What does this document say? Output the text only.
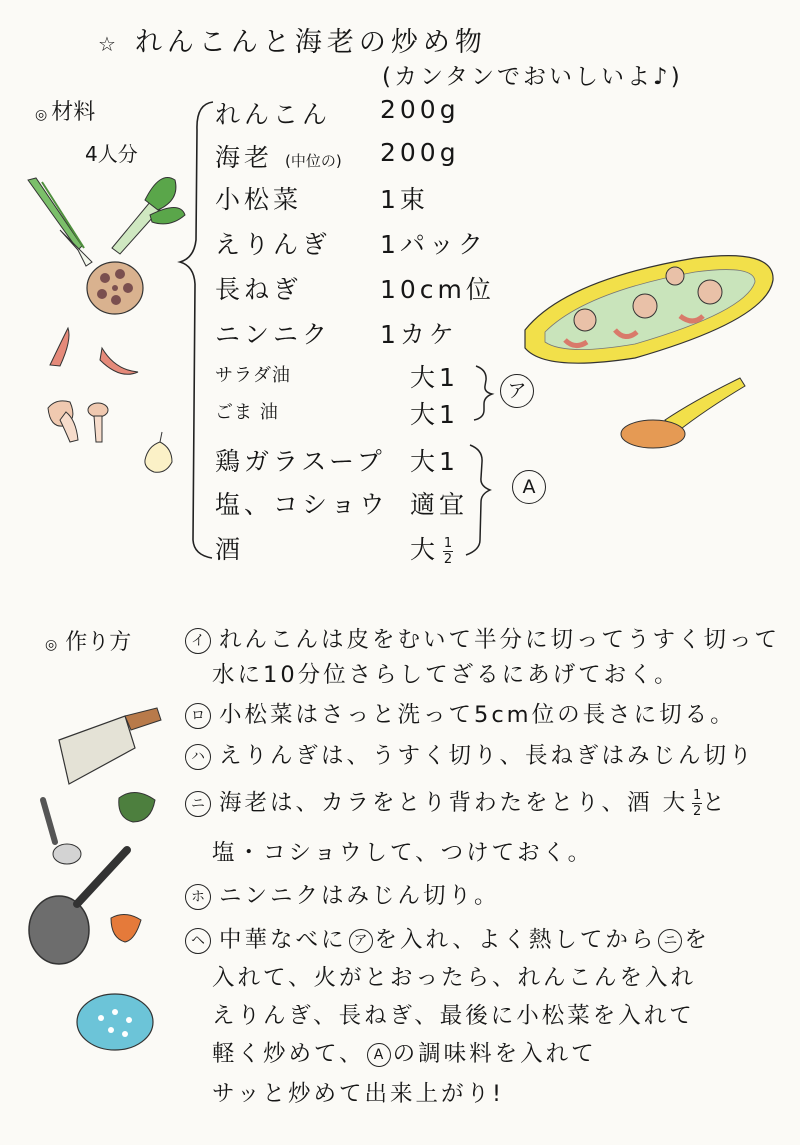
☆ れんこんと海老の炒め物
(カンタンでおいしいよ♪)
◎ 材料
4人分
れんこん 200g
海老 (中位の) 200g
小松菜	1束
えりんぎ 1パック
長ねぎ	10cm位
ニンニク 1カケ
サラダ油	大1
ごま 油	大1
鶏ガラスープ 大1
塩、コショウ 適宜
酒	大 $\frac{1}{2}$
ア
A
◎ 作り方	イ れんこんは皮をむいて半分に切ってうすく切って
水に10分位さらしてざるにあげておく。
ロ 小松菜はさっと洗って5cm位の長さに切る。
ハ えりんぎは、うすく切り、長ねぎはみじん切り
ニ 海老は、カラをとり背わたをとり、酒 大 $\frac{1}{2}$ と
塩・コショウして、つけておく。
ホ ニンニクはみじん切り。
ヘ 中華なべに ア を入れ、よく熱してから ニ を
入れて、火がとおったら、れんこんを入れ
えりんぎ、長ねぎ、最後に小松菜を入れて
軽く炒めて、 A の調味料を入れて
サッと炒めて出来上がり!
